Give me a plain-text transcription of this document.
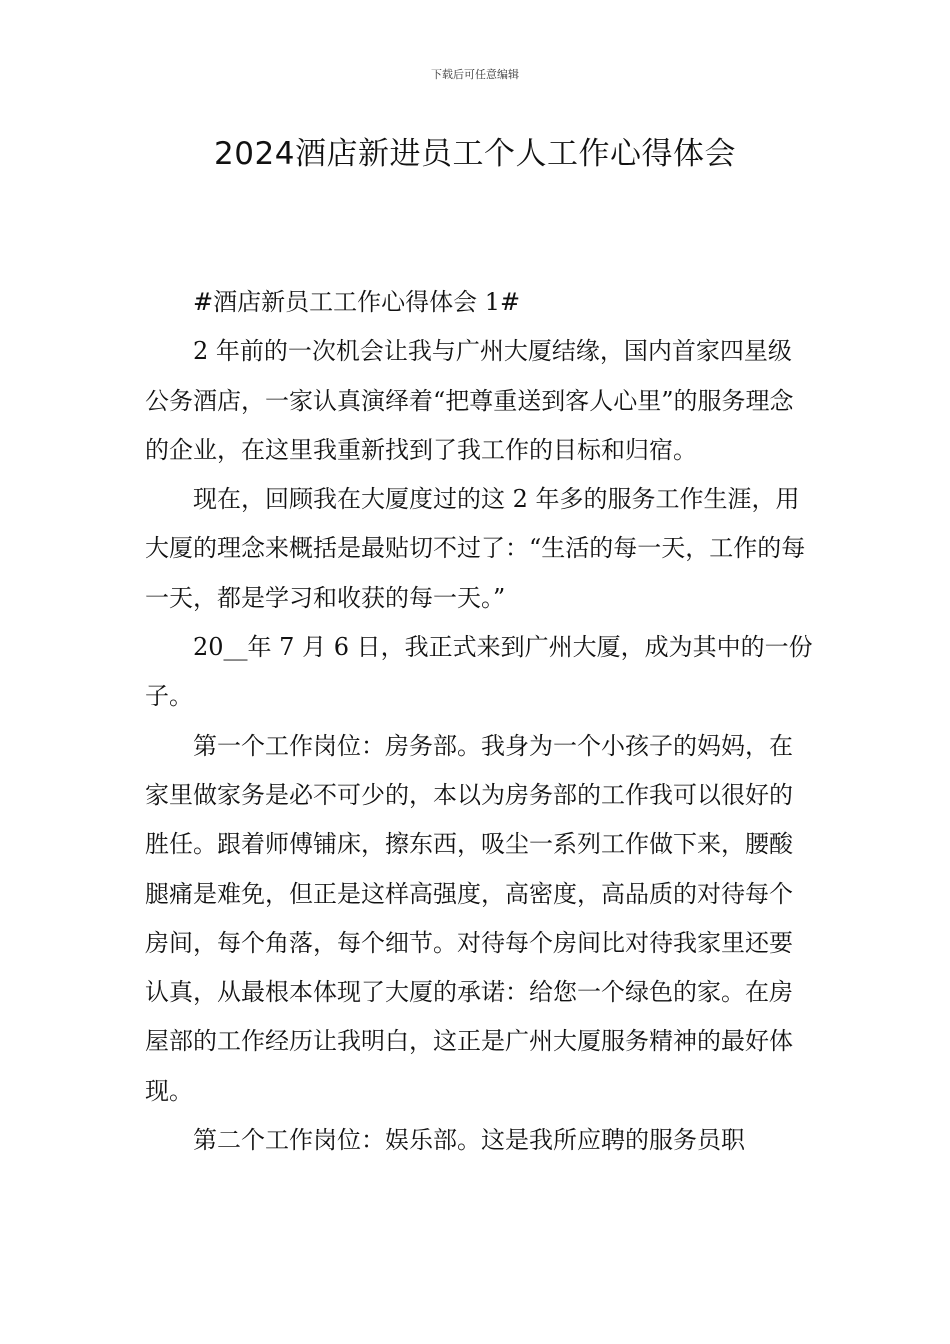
下载后可任意编辑
2024酒店新进员工个人工作心得体会

#酒店新员工工作心得体会 1#

2 年前的一次机会让我与广州大厦结缘，国内首家四星级公务酒店，一家认真演绎着“把尊重送到客人心里”的服务理念的企业，在这里我重新找到了我工作的目标和归宿。

现在，回顾我在大厦度过的这 2 年多的服务工作生涯，用大厦的理念来概括是最贴切不过了：“生活的每一天，工作的每一天，都是学习和收获的每一天。”

20__年 7 月 6 日，我正式来到广州大厦，成为其中的一份子。

第一个工作岗位：房务部。我身为一个小孩子的妈妈，在家里做家务是必不可少的，本以为房务部的工作我可以很好的胜任。跟着师傅铺床，擦东西，吸尘一系列工作做下来，腰酸腿痛是难免，但正是这样高强度，高密度，高品质的对待每个房间，每个角落，每个细节。对待每个房间比对待我家里还要认真，从最根本体现了大厦的承诺：给您一个绿色的家。在房屋部的工作经历让我明白，这正是广州大厦服务精神的最好体现。

第二个工作岗位：娱乐部。这是我所应聘的服务员职
